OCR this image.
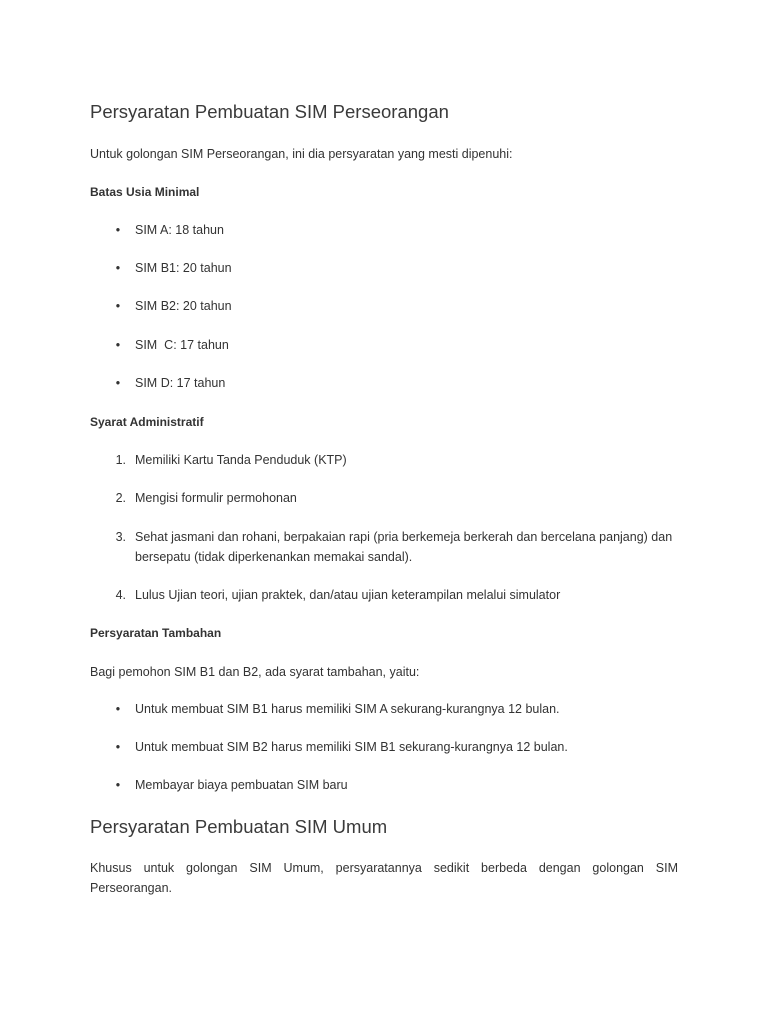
Persyaratan Pembuatan SIM Perseorangan

Untuk golongan SIM Perseorangan, ini dia persyaratan yang mesti dipenuhi:

Batas Usia Minimal
•	SIM A: 18 tahun
•	SIM B1: 20 tahun
•	SIM B2: 20 tahun
•	SIM  C: 17 tahun
•	SIM D: 17 tahun
Syarat Administratif
1. Memiliki Kartu Tanda Penduduk (KTP)
2. Mengisi formulir permohonan
3. Sehat jasmani dan rohani, berpakaian rapi (pria berkemeja berkerah dan bercelana panjang) dan bersepatu (tidak diperkenankan memakai sandal).
4. Lulus Ujian teori, ujian praktek, dan/atau ujian keterampilan melalui simulator
Persyaratan Tambahan

Bagi pemohon SIM B1 dan B2, ada syarat tambahan, yaitu:

•	Untuk membuat SIM B1 harus memiliki SIM A sekurang-kurangnya 12 bulan.
•	Untuk membuat SIM B2 harus memiliki SIM B1 sekurang-kurangnya 12 bulan.
•	Membayar biaya pembuatan SIM baru
Persyaratan Pembuatan SIM Umum

Khusus untuk golongan SIM Umum, persyaratannya sedikit berbeda dengan golongan SIM Perseorangan.
